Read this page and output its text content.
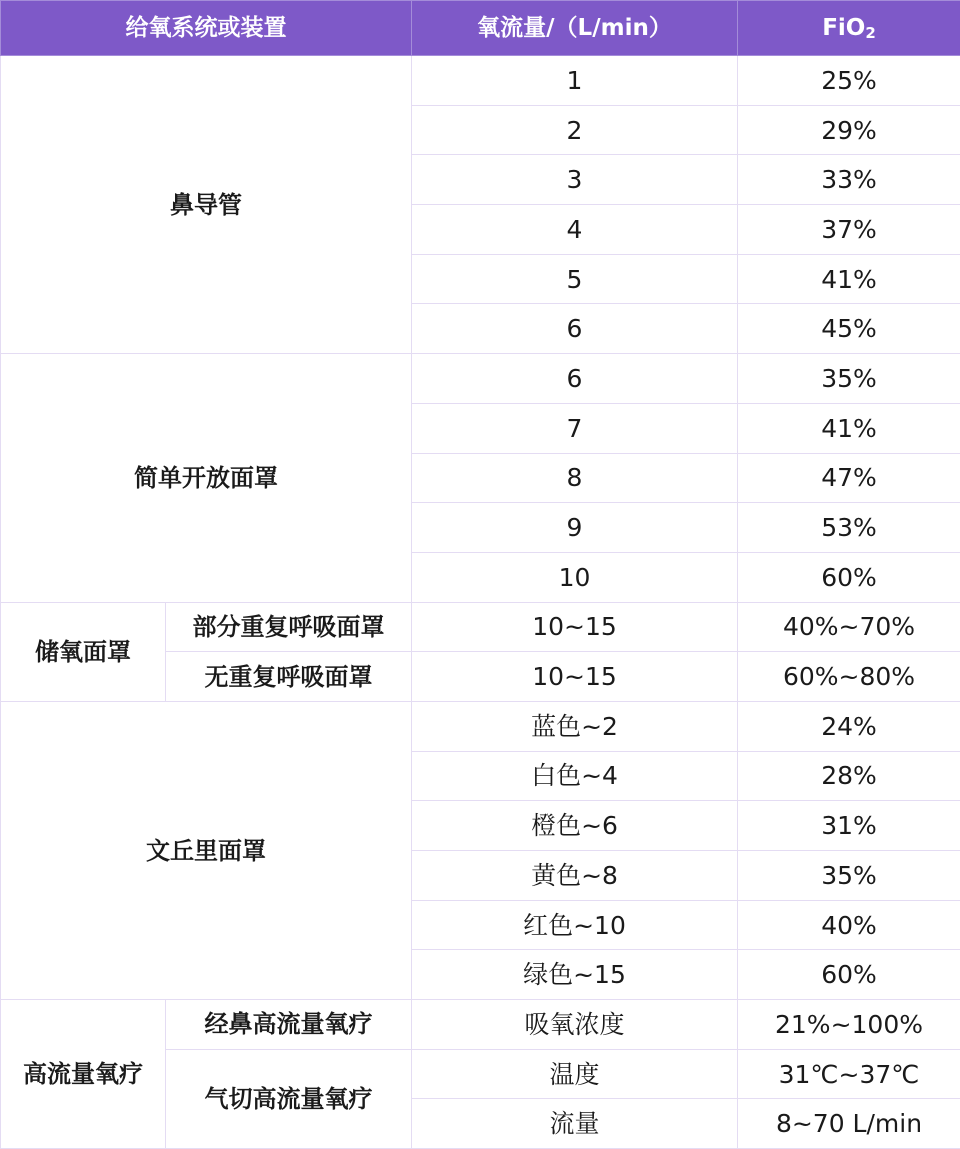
给氧系统或装置		氧流量/（L/min）	FiO$_2$
鼻导管		1	25%
		2	29%
		3	33%
		4	37%
		5	41%
		6	45%
简单开放面罩		6	35%
		7	41%
		8	47%
		9	53%
		10	60%
储氧面罩	部分重复呼吸面罩	10~15	40%~70%
	无重复呼吸面罩	10~15	60%~80%
文丘里面罩		蓝色~2	24%
		白色~4	28%
		橙色~6	31%
		黄色~8	35%
		红色~10	40%
		绿色~15	60%
高流量氧疗	经鼻高流量氧疗	吸氧浓度	21%~100%
	气切高流量氧疗	温度	31℃~37℃
		流量	8~70 L/min
